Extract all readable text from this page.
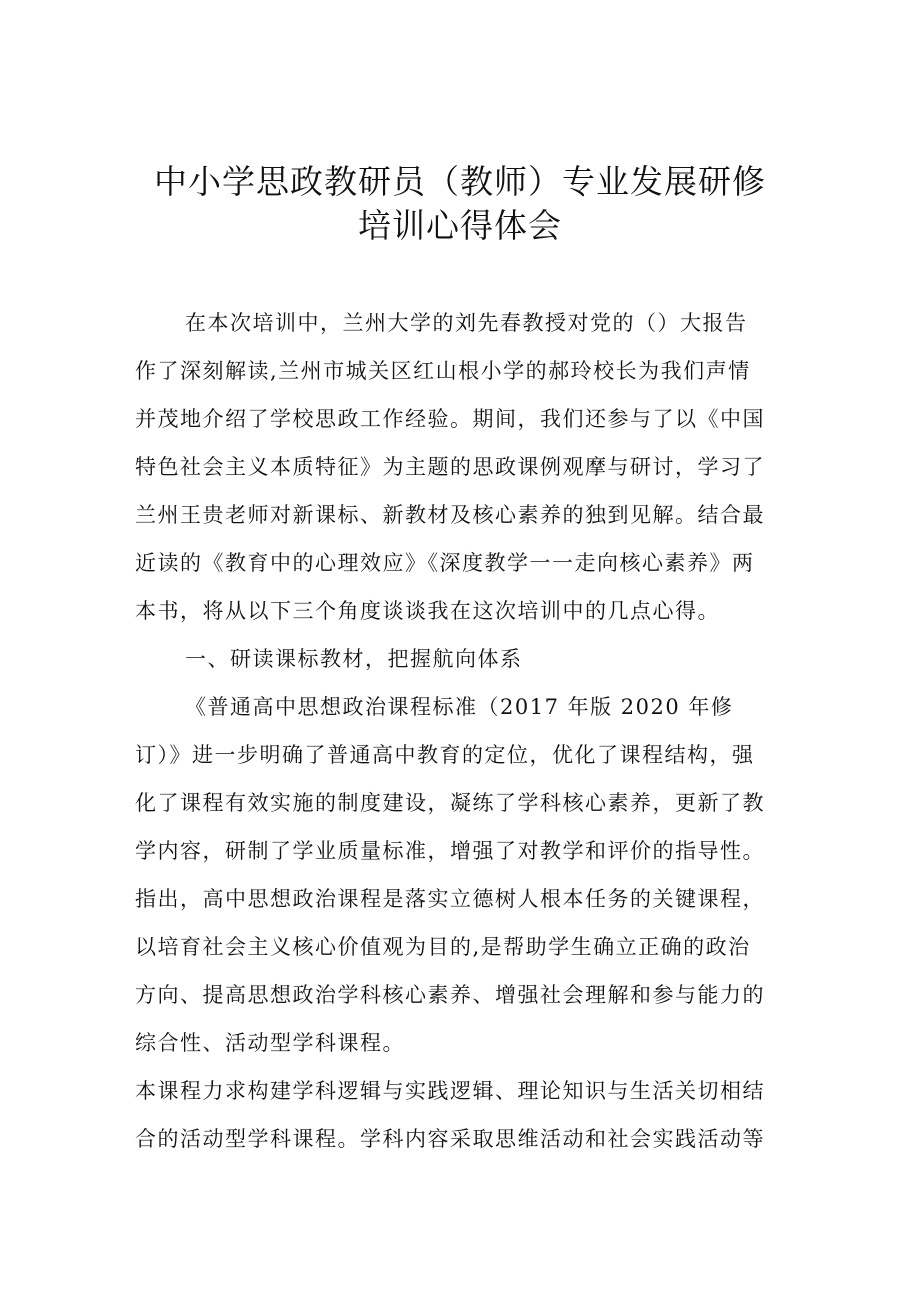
中小学思政教研员（教师）专业发展研修
培训心得体会
在本次培训中，兰州大学的刘先春教授对党的（）大报告
作了深刻解读,兰州市城关区红山根小学的郝玲校长为我们声情
并茂地介绍了学校思政工作经验。期间，我们还参与了以《中国
特色社会主义本质特征》为主题的思政课例观摩与研讨，学习了
兰州王贵老师对新课标、新教材及核心素养的独到见解。结合最
近读的《教育中的心理效应》《深度教学一一走向核心素养》两
本书，将从以下三个角度谈谈我在这次培训中的几点心得。
一、研读课标教材，把握航向体系
《普通高中思想政治课程标准（2017 年版 2020 年修
订）》进一步明确了普通高中教育的定位，优化了课程结构，强
化了课程有效实施的制度建设，凝练了学科核心素养，更新了教
学内容，研制了学业质量标准，增强了对教学和评价的指导性。
指出，高中思想政治课程是落实立德树人根本任务的关键课程，
以培育社会主义核心价值观为目的,是帮助学生确立正确的政治
方向、提高思想政治学科核心素养、增强社会理解和参与能力的
综合性、活动型学科课程。
本课程力求构建学科逻辑与实践逻辑、理论知识与生活关切相结
合的活动型学科课程。学科内容采取思维活动和社会实践活动等
